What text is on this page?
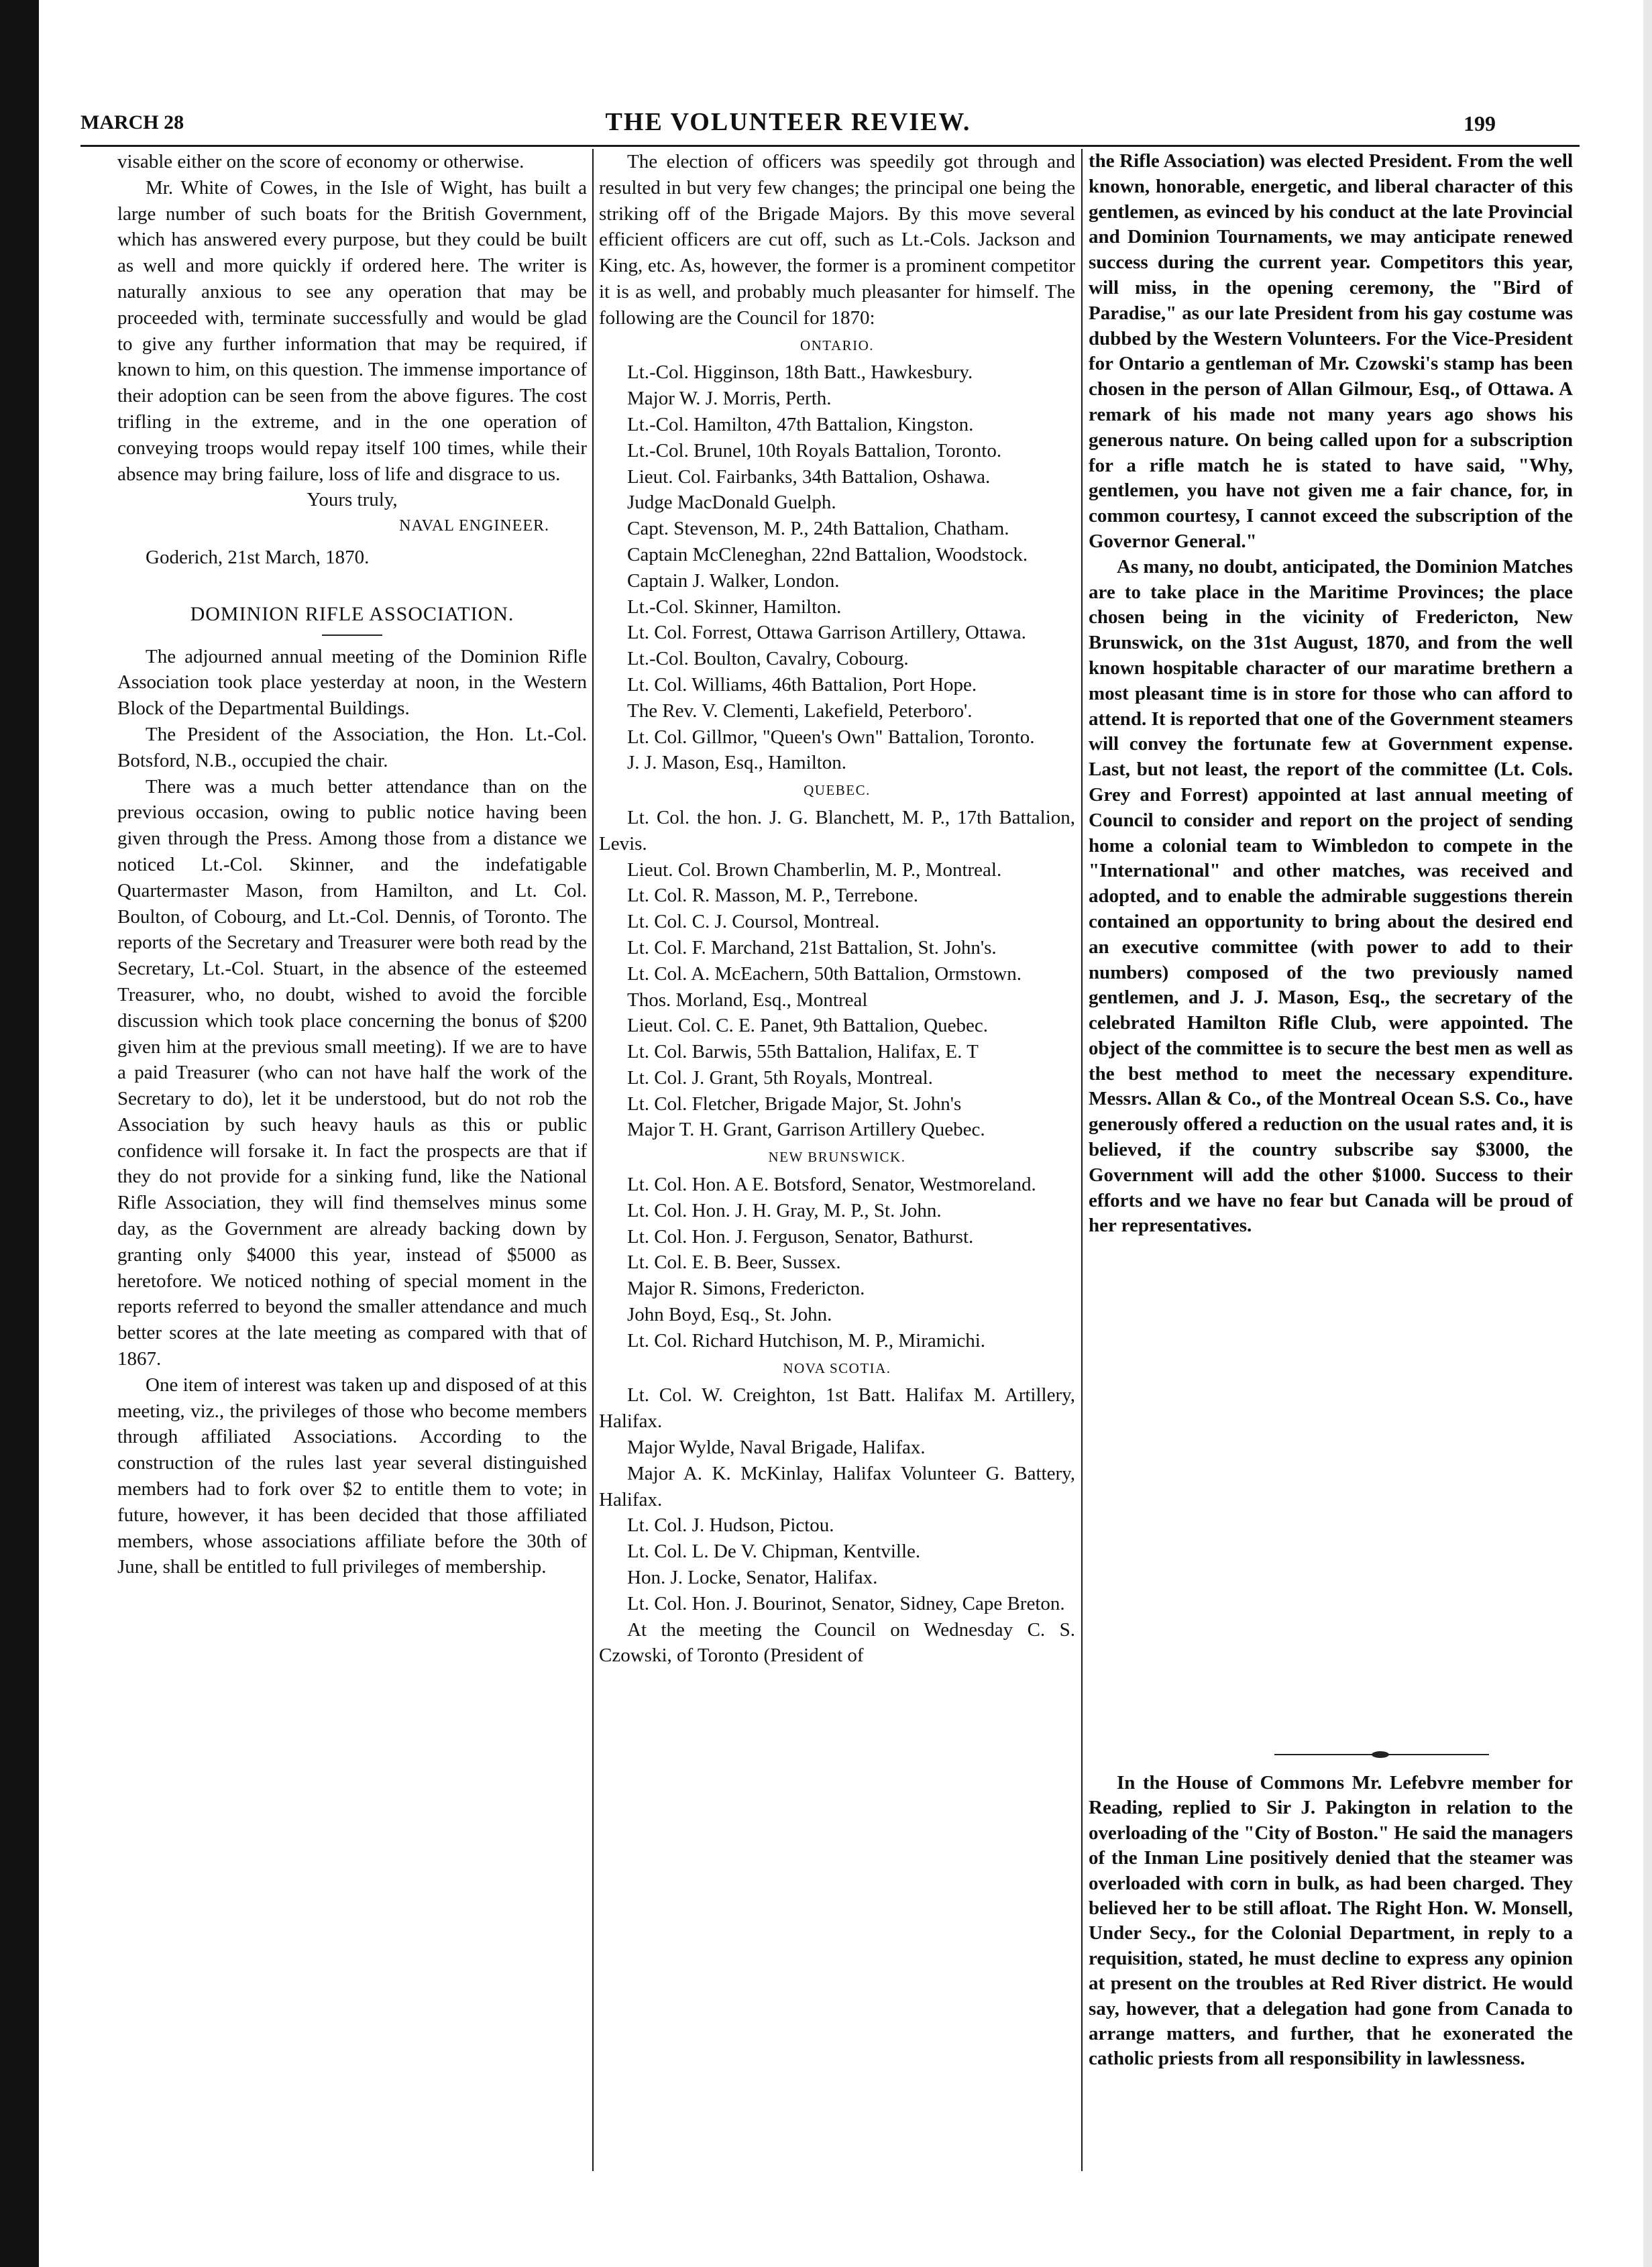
MARCH 28	THE VOLUNTEER REVIEW.	199

visable either on the score of economy or otherwise.

Mr. White of Cowes, in the Isle of Wight, has built a large number of such boats for the British Government, which has answered every purpose, but they could be built as well and more quickly if ordered here. The writer is naturally anxious to see any operation that may be proceeded with, terminate successfully and would be glad to give any further information that may be required, if known to him, on this question. The immense importance of their adoption can be seen from the above figures. The cost trifling in the extreme, and in the one operation of conveying troops would repay itself 100 times, while their absence may bring failure, loss of life and disgrace to us.

Yours truly,

NAVAL ENGINEER.

Goderich, 21st March, 1870.

DOMINION RIFLE ASSOCIATION.

The adjourned annual meeting of the Dominion Rifle Association took place yesterday at noon, in the Western Block of the Departmental Buildings.

The President of the Association, the Hon. Lt.-Col. Botsford, N.B., occupied the chair.

There was a much better attendance than on the previous occasion, owing to public notice having been given through the Press. Among those from a distance we noticed Lt.-Col. Skinner, and the indefatigable Quartermaster Mason, from Hamilton, and Lt. Col. Boulton, of Cobourg, and Lt.-Col. Dennis, of Toronto. The reports of the Secretary and Treasurer were both read by the Secretary, Lt.-Col. Stuart, in the absence of the esteemed Treasurer, who, no doubt, wished to avoid the forcible discussion which took place concerning the bonus of $200 given him at the previous small meeting). If we are to have a paid Treasurer (who can not have half the work of the Secretary to do), let it be understood, but do not rob the Association by such heavy hauls as this or public confidence will forsake it. In fact the prospects are that if they do not provide for a sinking fund, like the National Rifle Association, they will find themselves minus some day, as the Government are already backing down by granting only $4000 this year, instead of $5000 as heretofore. We noticed nothing of special moment in the reports referred to beyond the smaller attendance and much better scores at the late meeting as compared with that of 1867.

One item of interest was taken up and disposed of at this meeting, viz., the privileges of those who become members through affiliated Associations. According to the construction of the rules last year several distinguished members had to fork over $2 to entitle them to vote; in future, however, it has been decided that those affiliated members, whose associations affiliate before the 30th of June, shall be entitled to full privileges of membership.

The election of officers was speedily got through and resulted in but very few changes; the principal one being the striking off of the Brigade Majors. By this move several efficient officers are cut off, such as Lt.-Cols. Jackson and King, etc. As, however, the former is a prominent competitor it is as well, and probably much pleasanter for himself. The following are the Council for 1870:

ONTARIO.

Lt.-Col. Higginson, 18th Batt., Hawkesbury.

Major W. J. Morris, Perth.

Lt.-Col. Hamilton, 47th Battalion, Kingston.

Lt.-Col. Brunel, 10th Royals Battalion, Toronto.

Lieut. Col. Fairbanks, 34th Battalion, Oshawa.

Judge MacDonald Guelph.

Capt. Stevenson, M. P., 24th Battalion, Chatham.

Captain McCleneghan, 22nd Battalion, Woodstock.

Captain J. Walker, London.

Lt.-Col. Skinner, Hamilton.

Lt. Col. Forrest, Ottawa Garrison Artillery, Ottawa.

Lt.-Col. Boulton, Cavalry, Cobourg.

Lt. Col. Williams, 46th Battalion, Port Hope.

The Rev. V. Clementi, Lakefield, Peterboro'.

Lt. Col. Gillmor, "Queen's Own" Battalion, Toronto.

J. J. Mason, Esq., Hamilton.

QUEBEC.

Lt. Col. the hon. J. G. Blanchett, M. P., 17th Battalion, Levis.

Lieut. Col. Brown Chamberlin, M. P., Montreal.

Lt. Col. R. Masson, M. P., Terrebone.

Lt. Col. C. J. Coursol, Montreal.

Lt. Col. F. Marchand, 21st Battalion, St. John's.

Lt. Col. A. McEachern, 50th Battalion, Ormstown.

Thos. Morland, Esq., Montreal

Lieut. Col. C. E. Panet, 9th Battalion, Quebec.

Lt. Col. Barwis, 55th Battalion, Halifax, E. T

Lt. Col. J. Grant, 5th Royals, Montreal.

Lt. Col. Fletcher, Brigade Major, St. John's

Major T. H. Grant, Garrison Artillery Quebec.

NEW BRUNSWICK.

Lt. Col. Hon. A E. Botsford, Senator, Westmoreland.

Lt. Col. Hon. J. H. Gray, M. P., St. John.

Lt. Col. Hon. J. Ferguson, Senator, Bathurst.

Lt. Col. E. B. Beer, Sussex.

Major R. Simons, Fredericton.

John Boyd, Esq., St. John.

Lt. Col. Richard Hutchison, M. P., Miramichi.

NOVA SCOTIA.

Lt. Col. W. Creighton, 1st Batt. Halifax M. Artillery, Halifax.

Major Wylde, Naval Brigade, Halifax.

Major A. K. McKinlay, Halifax Volunteer G. Battery, Halifax.

Lt. Col. J. Hudson, Pictou.

Lt. Col. L. De V. Chipman, Kentville.

Hon. J. Locke, Senator, Halifax.

Lt. Col. Hon. J. Bourinot, Senator, Sidney, Cape Breton.

At the meeting the Council on Wednesday C. S. Czowski, of Toronto (President of

the Rifle Association) was elected President. From the well known, honorable, energetic, and liberal character of this gentlemen, as evinced by his conduct at the late Provincial and Dominion Tournaments, we may anticipate renewed success during the current year. Competitors this year, will miss, in the opening ceremony, the "Bird of Paradise," as our late President from his gay costume was dubbed by the Western Volunteers. For the Vice-President for Ontario a gentleman of Mr. Czowski's stamp has been chosen in the person of Allan Gilmour, Esq., of Ottawa. A remark of his made not many years ago shows his generous nature. On being called upon for a subscription for a rifle match he is stated to have said, "Why, gentlemen, you have not given me a fair chance, for, in common courtesy, I cannot exceed the subscription of the Governor General."

As many, no doubt, anticipated, the Dominion Matches are to take place in the Maritime Provinces; the place chosen being in the vicinity of Fredericton, New Brunswick, on the 31st August, 1870, and from the well known hospitable character of our maratime brethern a most pleasant time is in store for those who can afford to attend. It is reported that one of the Government steamers will convey the fortunate few at Government expense. Last, but not least, the report of the committee (Lt. Cols. Grey and Forrest) appointed at last annual meeting of Council to consider and report on the project of sending home a colonial team to Wimbledon to compete in the "International" and other matches, was received and adopted, and to enable the admirable suggestions therein contained an opportunity to bring about the desired end an executive committee (with power to add to their numbers) composed of the two previously named gentlemen, and J. J. Mason, Esq., the secretary of the celebrated Hamilton Rifle Club, were appointed. The object of the committee is to secure the best men as well as the best method to meet the necessary expenditure. Messrs. Allan & Co., of the Montreal Ocean S.S. Co., have generously offered a reduction on the usual rates and, it is believed, if the country subscribe say $3000, the Government will add the other $1000. Success to their efforts and we have no fear but Canada will be proud of her representatives.

In the House of Commons Mr. Lefebvre member for Reading, replied to Sir J. Pakington in relation to the overloading of the "City of Boston." He said the managers of the Inman Line positively denied that the steamer was overloaded with corn in bulk, as had been charged. They believed her to be still afloat. The Right Hon. W. Monsell, Under Secy., for the Colonial Department, in reply to a requisition, stated, he must decline to express any opinion at present on the troubles at Red River district. He would say, however, that a delegation had gone from Canada to arrange matters, and further, that he exonerated the catholic priests from all responsibility in lawlessness.
